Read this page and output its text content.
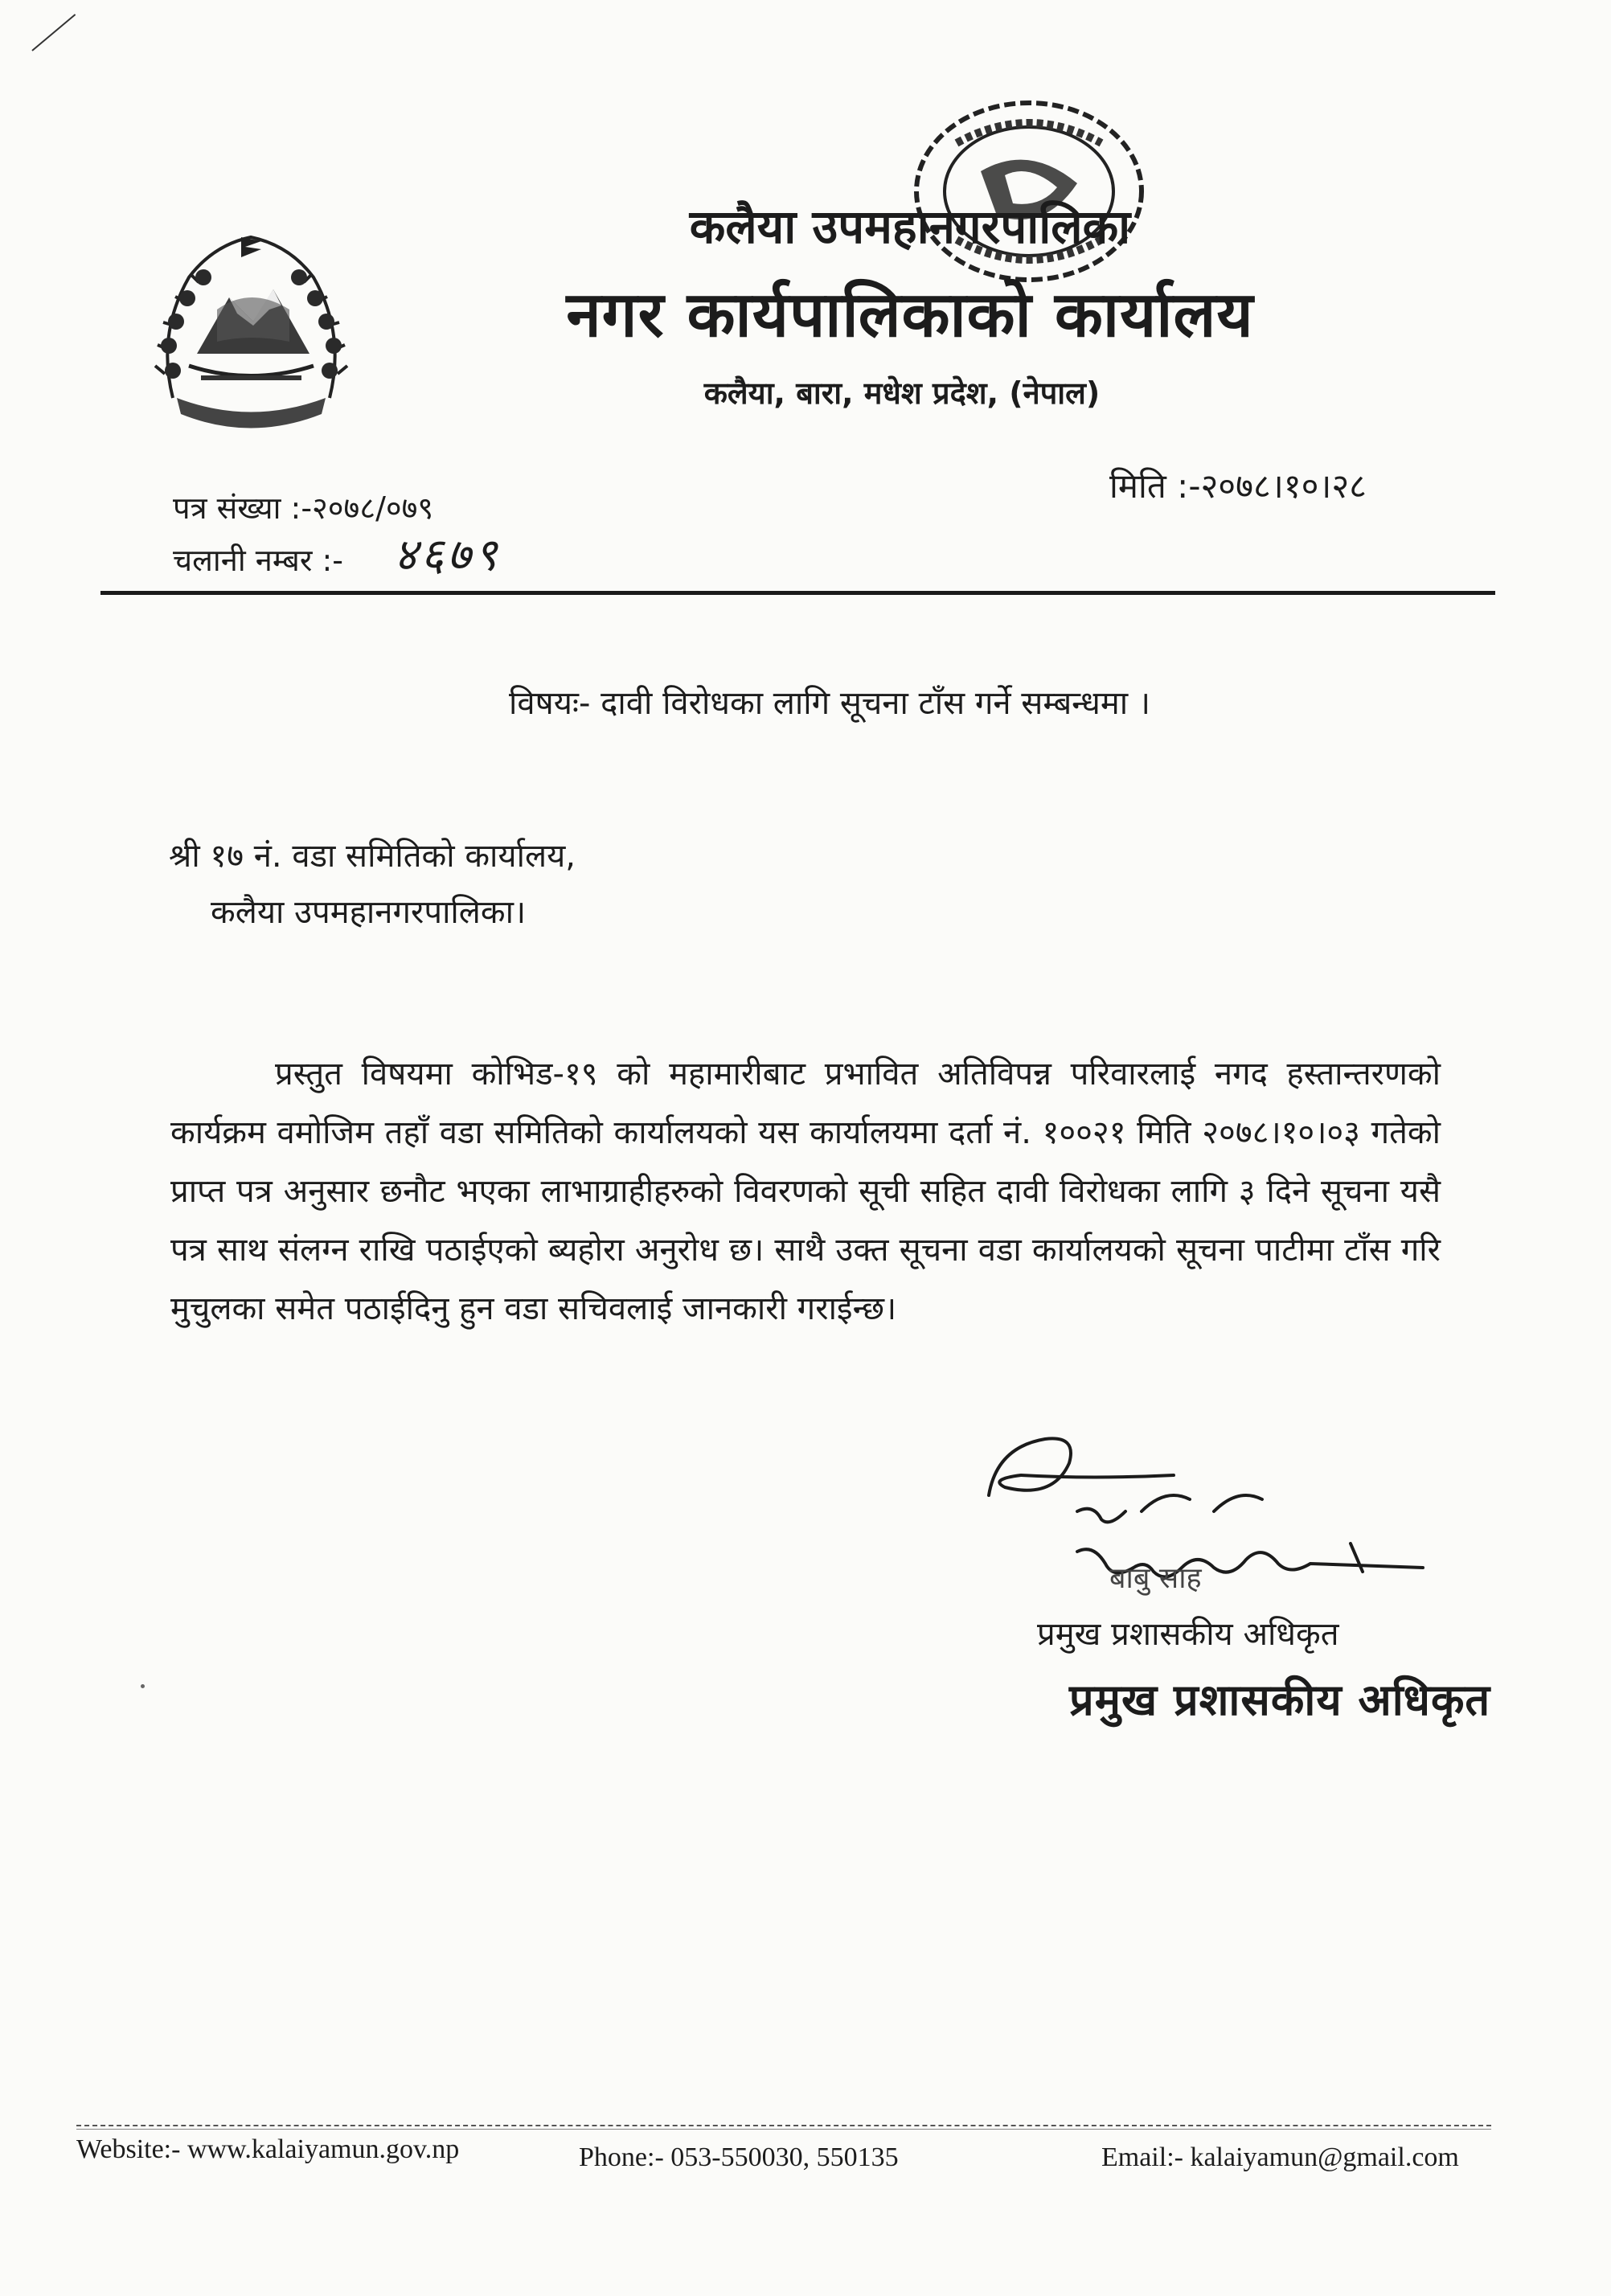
कलैया उपमहानगरपालिका
नगर कार्यपालिकाको कार्यालय
कलैया, बारा, मधेश प्रदेश, (नेपाल)
पत्र संख्या :-२०७८/०७९
मिति :-२०७८।१०।२८
चलानी नम्बर :- ४६७९
विषयः- दावी विरोधका लागि सूचना टाँस गर्ने सम्बन्धमा ।
श्री १७ नं. वडा समितिको कार्यालय,
कलैया उपमहानगरपालिका।
प्रस्तुत विषयमा कोभिड-१९ को महामारीबाट प्रभावित अतिविपन्न परिवारलाई नगद हस्तान्तरणको कार्यक्रम वमोजिम तहाँ वडा समितिको कार्यालयको यस कार्यालयमा दर्ता नं. १००२१ मिति २०७८।१०।०३ गतेको प्राप्त पत्र अनुसार छनौट भएका लाभाग्राहीहरुको विवरणको सूची सहित दावी विरोधका लागि ३ दिने सूचना यसै पत्र साथ संलग्न राखि पठाईएको ब्यहोरा अनुरोध छ। साथै उक्त सूचना वडा कार्यालयको सूचना पाटीमा टाँस गरि मुचुलका समेत पठाईदिनु हुन वडा सचिवलाई जानकारी गराईन्छ।
बाबु साह
प्रमुख प्रशासकीय अधिकृत
प्रमुख प्रशासकीय अधिकृत
Website:- www.kalaiyamun.gov.np	Phone:- 053-550030, 550135	Email:- kalaiyamun@gmail.com
